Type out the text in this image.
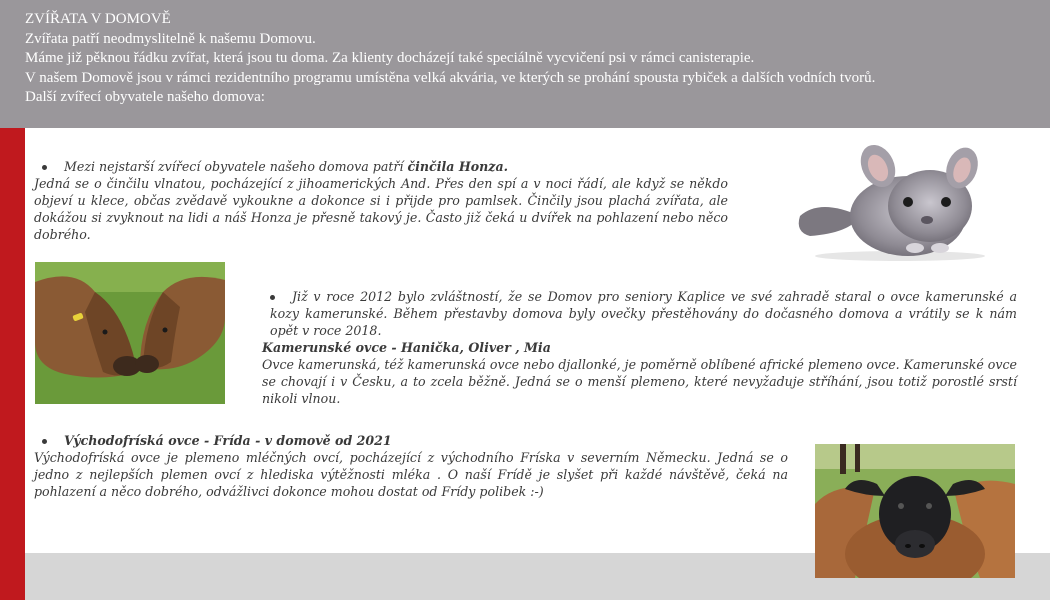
ZVÍŘATA V DOMOVĚ
Zvířata patří neodmyslitelně k našemu Domovu.
Máme již pěknou řádku zvířat, která jsou tu doma. Za klienty docházejí také speciálně vycvičení psi v rámci canisterapie.
V našem Domově jsou v rámci rezidentního programu umístěna velká akvária, ve kterých se prohání spousta rybiček a dalších vodních tvorů.
Další zvířecí obyvatele našeho domova:
Mezi nejstarší zvířecí obyvatele našeho domova patří činčila Honza.
Jedná se o činčilu vlnatou, pocházející z jihoamerických And. Přes den spí a v noci řádí, ale když se někdo objeví u klece, občas zvědavě vykoukne a dokonce si i přijde pro pamlsek. Činčily jsou plachá zvířata, ale dokážou si zvyknout na lidi a náš Honza je přesně takový je. Často již čeká u dvířek na pohlazení nebo něco dobrého.
Již v roce 2012 bylo zvláštností, že se Domov pro seniory Kaplice ve své zahradě staral o ovce kamerunské a kozy kamerunské. Během přestavby domova byly ovečky přestěhovány do dočasného domova a vrátily se k nám opět v roce 2018.
Kamerunské ovce - Hanička, Oliver , Mia
Ovce kamerunská, též kamerunská ovce nebo djallonké, je poměrně oblíbené africké plemeno ovce. Kamerunské ovce se chovají i v Česku, a to zcela běžně. Jedná se o menší plemeno, které nevyžaduje stříhání, jsou totiž porostlé srstí nikoli vlnou.
Východofríská ovce - Frída - v domově od 2021
Východofríská ovce je plemeno mléčných ovcí, pocházející z východního Fríska v severním Německu. Jedná se o jedno z nejlepších plemen ovcí z hlediska výtěžnosti mléka . O naší Frídě je slyšet při každé návštěvě, čeká na pohlazení a něco dobrého, odvážlivci dokonce mohou dostat od Frídy polibek :-)
